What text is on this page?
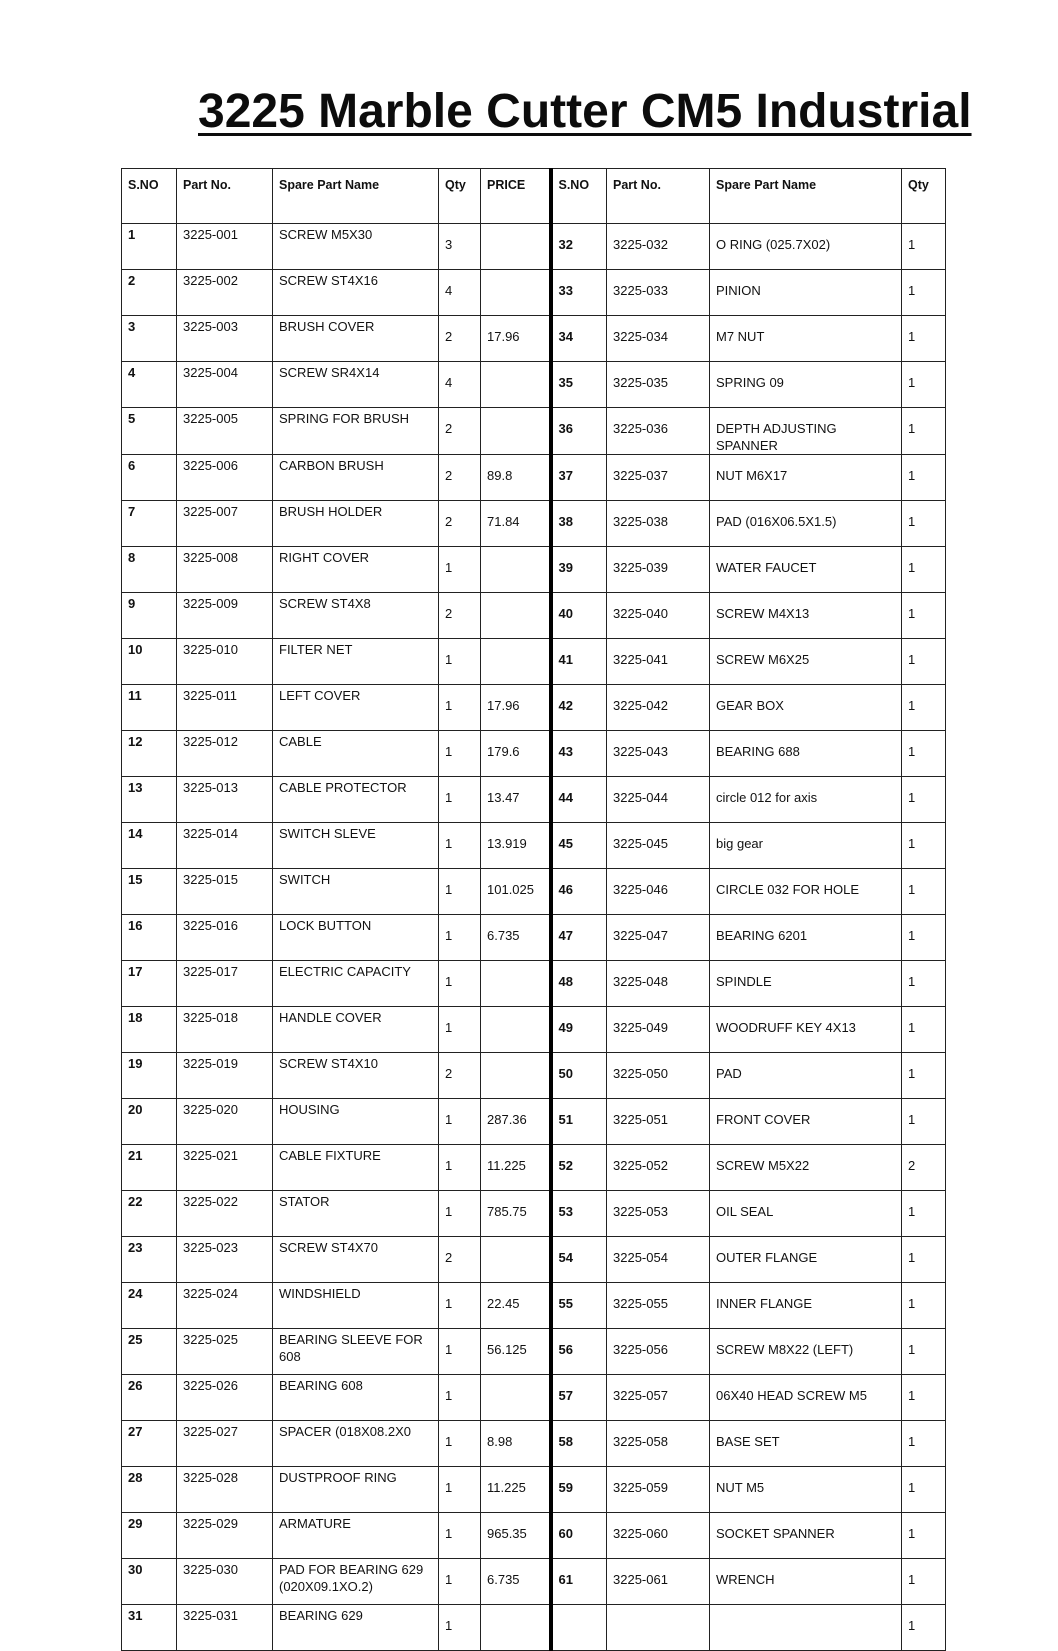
3225 Marble Cutter CM5 Industrial
S.NO	Part No.	Spare Part Name	Qty	PRICE	S.NO	Part No.	Spare Part Name	Qty
1	3225-001	SCREW M5X30	3		32	3225-032	O RING (025.7X02)	1
2	3225-002	SCREW ST4X16	4		33	3225-033	PINION	1
3	3225-003	BRUSH COVER	2	17.96	34	3225-034	M7 NUT	1
4	3225-004	SCREW SR4X14	4		35	3225-035	SPRING 09	1
5	3225-005	SPRING FOR BRUSH	2		36	3225-036	DEPTH ADJUSTING SPANNER	1
6	3225-006	CARBON BRUSH	2	89.8	37	3225-037	NUT M6X17	1
7	3225-007	BRUSH HOLDER	2	71.84	38	3225-038	PAD (016X06.5X1.5)	1
8	3225-008	RIGHT COVER	1		39	3225-039	WATER FAUCET	1
9	3225-009	SCREW ST4X8	2		40	3225-040	SCREW M4X13	1
10	3225-010	FILTER NET	1		41	3225-041	SCREW M6X25	1
11	3225-011	LEFT COVER	1	17.96	42	3225-042	GEAR BOX	1
12	3225-012	CABLE	1	179.6	43	3225-043	BEARING 688	1
13	3225-013	CABLE PROTECTOR	1	13.47	44	3225-044	circle 012 for axis	1
14	3225-014	SWITCH SLEVE	1	13.919	45	3225-045	big gear	1
15	3225-015	SWITCH	1	101.025	46	3225-046	CIRCLE 032 FOR HOLE	1
16	3225-016	LOCK BUTTON	1	6.735	47	3225-047	BEARING 6201	1
17	3225-017	ELECTRIC CAPACITY	1		48	3225-048	SPINDLE	1
18	3225-018	HANDLE COVER	1		49	3225-049	WOODRUFF KEY 4X13	1
19	3225-019	SCREW ST4X10	2		50	3225-050	PAD	1
20	3225-020	HOUSING	1	287.36	51	3225-051	FRONT COVER	1
21	3225-021	CABLE FIXTURE	1	11.225	52	3225-052	SCREW M5X22	2
22	3225-022	STATOR	1	785.75	53	3225-053	OIL SEAL	1
23	3225-023	SCREW ST4X70	2		54	3225-054	OUTER FLANGE	1
24	3225-024	WINDSHIELD	1	22.45	55	3225-055	INNER FLANGE	1
25	3225-025	BEARING SLEEVE FOR 608	1	56.125	56	3225-056	SCREW M8X22 (LEFT)	1
26	3225-026	BEARING 608	1		57	3225-057	06X40 HEAD SCREW M5	1
27	3225-027	SPACER (018X08.2X0	1	8.98	58	3225-058	BASE SET	1
28	3225-028	DUSTPROOF RING	1	11.225	59	3225-059	NUT M5	1
29	3225-029	ARMATURE	1	965.35	60	3225-060	SOCKET SPANNER	1
30	3225-030	PAD FOR BEARING 629 (020X09.1XO.2)	1	6.735	61	3225-061	WRENCH	1
31	3225-031	BEARING 629	1					1
